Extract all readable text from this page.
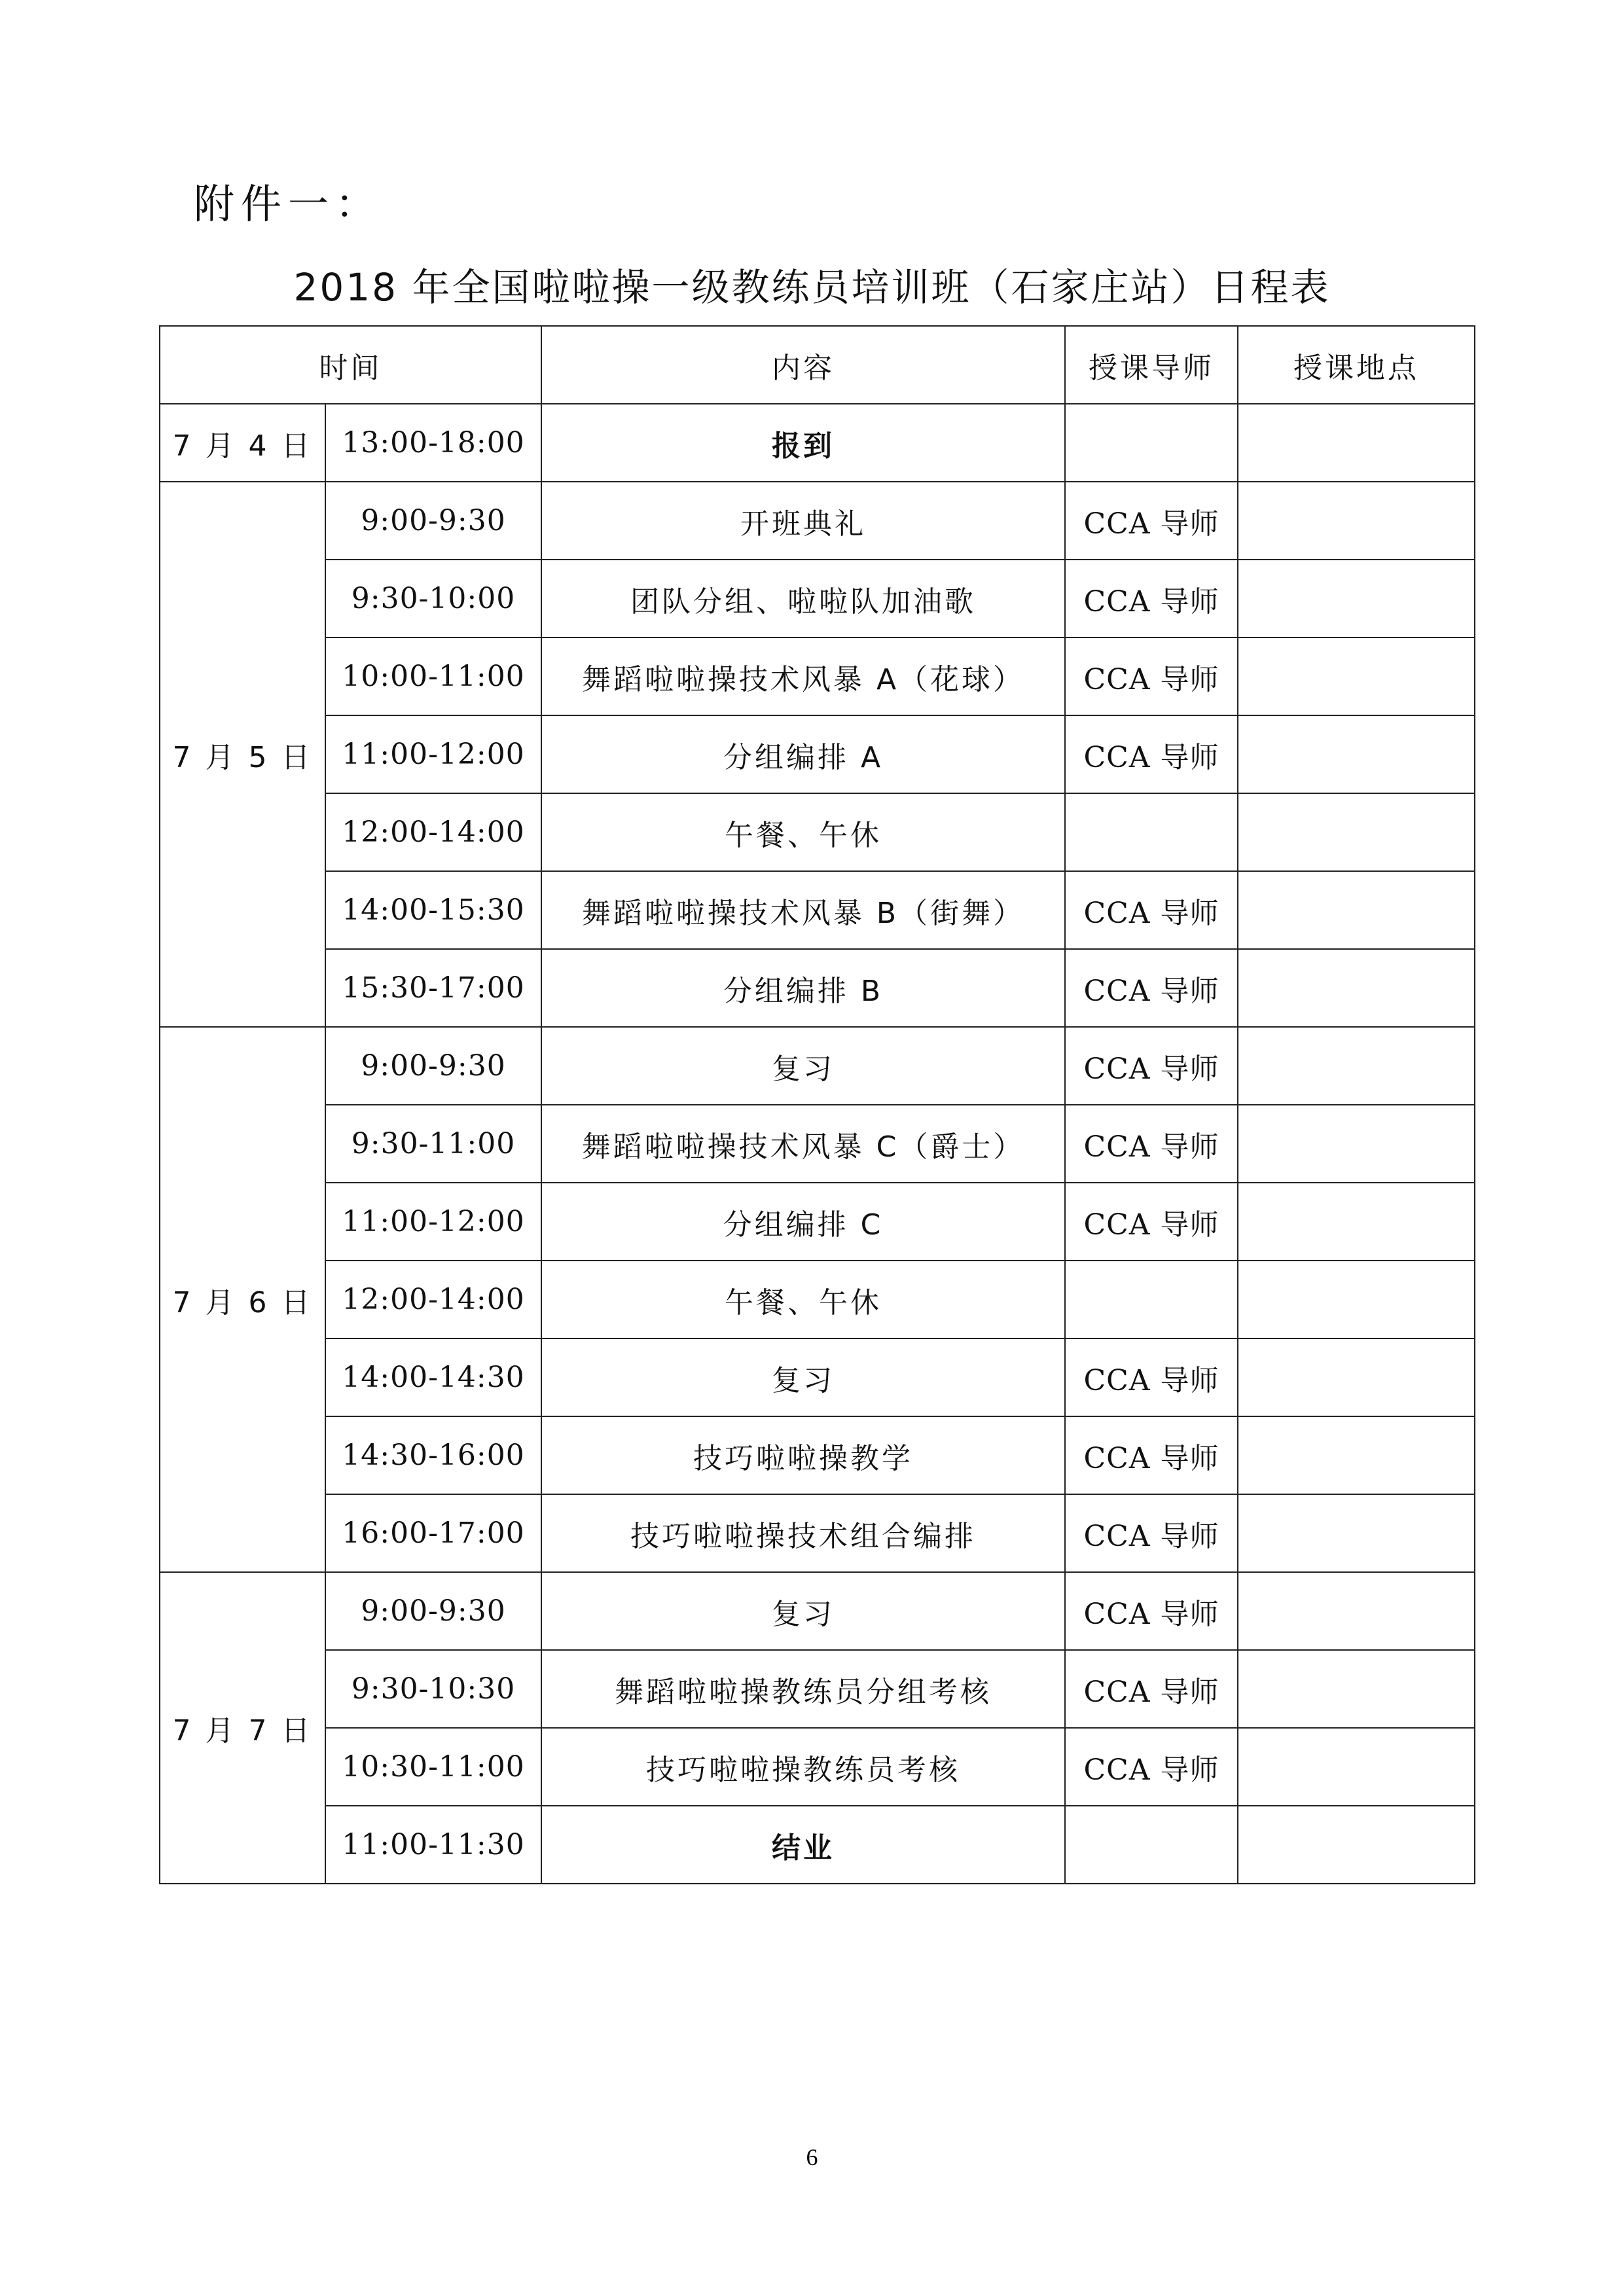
附件一：
2018 年全国啦啦操一级教练员培训班（石家庄站）日程表
时间		内容	授课导师	授课地点
7 月 4 日	13:00-18:00	报到		
7 月 5 日	9:00-9:30	开班典礼	CCA 导师	
	9:30-10:00	团队分组、啦啦队加油歌	CCA 导师	
	10:00-11:00	舞蹈啦啦操技术风暴 A（花球）	CCA 导师	
	11:00-12:00	分组编排 A	CCA 导师	
	12:00-14:00	午餐、午休		
	14:00-15:30	舞蹈啦啦操技术风暴 B（街舞）	CCA 导师	
	15:30-17:00	分组编排 B	CCA 导师	
7 月 6 日	9:00-9:30	复习	CCA 导师	
	9:30-11:00	舞蹈啦啦操技术风暴 C（爵士）	CCA 导师	
	11:00-12:00	分组编排 C	CCA 导师	
	12:00-14:00	午餐、午休		
	14:00-14:30	复习	CCA 导师	
	14:30-16:00	技巧啦啦操教学	CCA 导师	
	16:00-17:00	技巧啦啦操技术组合编排	CCA 导师	
7 月 7 日	9:00-9:30	复习	CCA 导师	
	9:30-10:30	舞蹈啦啦操教练员分组考核	CCA 导师	
	10:30-11:00	技巧啦啦操教练员考核	CCA 导师	
	11:00-11:30	结业		
6
